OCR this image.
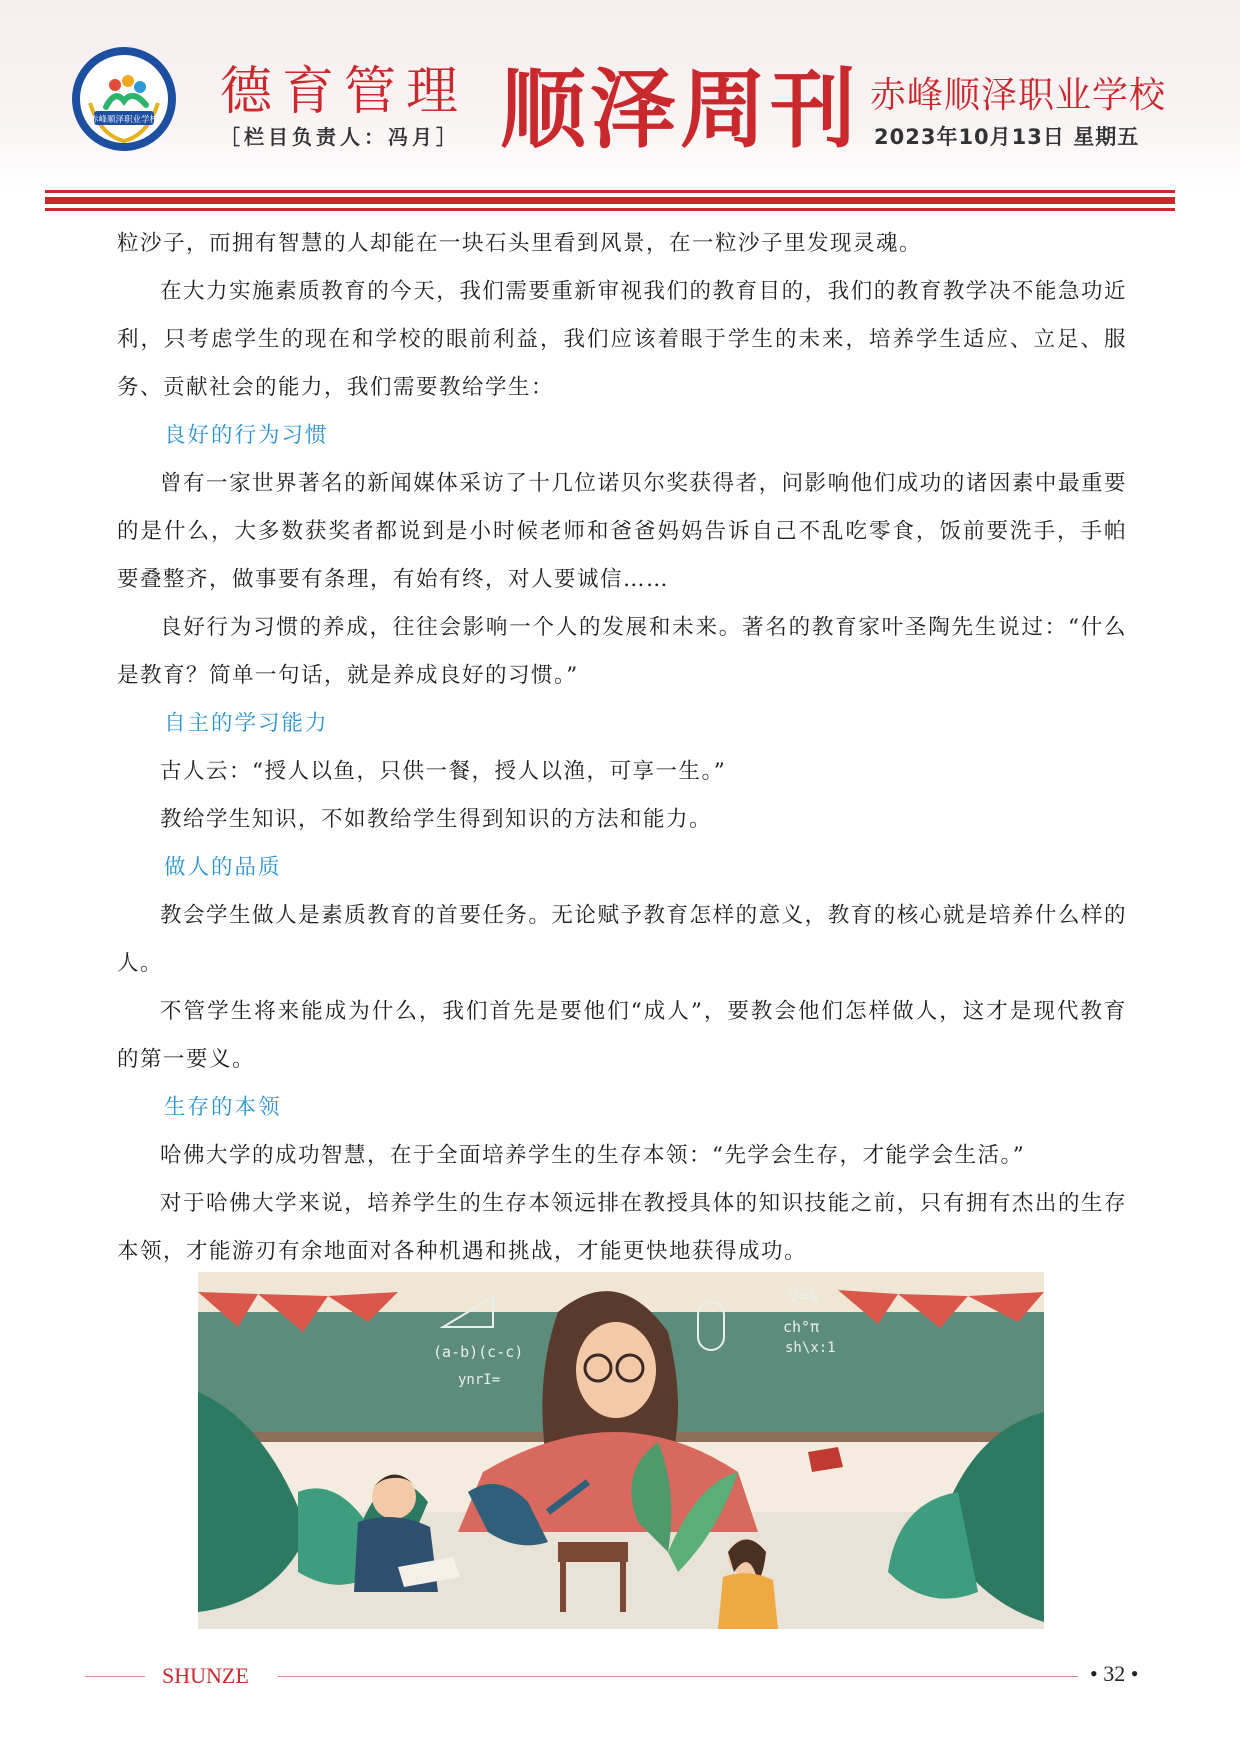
赤峰顺泽职业学校
选择顺泽	顺利择业 德育管理

［栏目负责人：冯月］ 顺泽周刊 赤峰顺泽职业学校

2023年10月13日 星期五

粒沙子，而拥有智慧的人却能在一块石头里看到风景，在一粒沙子里发现灵魂。

在大力实施素质教育的今天，我们需要重新审视我们的教育目的，我们的教育教学决不能急功近利，只考虑学生的现在和学校的眼前利益，我们应该着眼于学生的未来，培养学生适应、立足、服务、贡献社会的能力，我们需要教给学生：

良好的行为习惯

曾有一家世界著名的新闻媒体采访了十几位诺贝尔奖获得者，问影响他们成功的诸因素中最重要的是什么，大多数获奖者都说到是小时候老师和爸爸妈妈告诉自己不乱吃零食，饭前要洗手，手帕要叠整齐，做事要有条理，有始有终，对人要诚信……

良好行为习惯的养成，往往会影响一个人的发展和未来。著名的教育家叶圣陶先生说过：“什么是教育？简单一句话，就是养成良好的习惯。”

自主的学习能力

古人云：“授人以鱼，只供一餐，授人以渔，可享一生。”

教给学生知识，不如教给学生得到知识的方法和能力。

做人的品质

教会学生做人是素质教育的首要任务。无论赋予教育怎样的意义，教育的核心就是培养什么样的人。

不管学生将来能成为什么，我们首先是要他们“成人”，要教会他们怎样做人，这才是现代教育的第一要义。

生存的本领

哈佛大学的成功智慧，在于全面培养学生的生存本领：“先学会生存，才能学会生活。”

对于哈佛大学来说，培养学生的生存本领远排在教授具体的知识技能之前，只有拥有杰出的生存本领，才能游刃有余地面对各种机遇和挑战，才能更快地获得成功。

(a-b)(c-c)
ynrI=
V=⅔
ch°π
sh\x:1

SHUNZE	• 32 •
